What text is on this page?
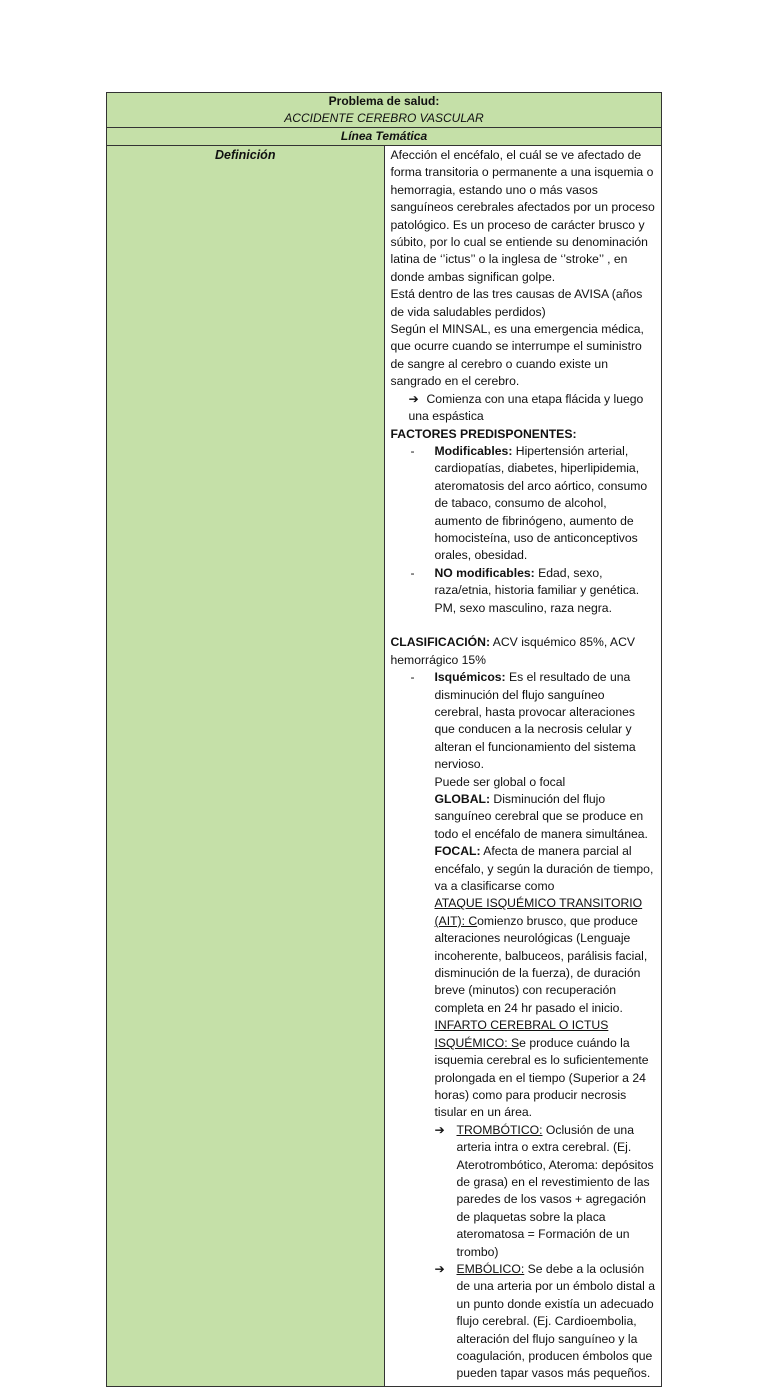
Problema de salud:
ACCIDENTE CEREBRO VASCULAR
Línea Temática
Definición	Afección el encéfalo, el cuál se ve afectado de forma transitoria o permanente a una isquemia o hemorragia, estando uno o más vasos sanguíneos cerebrales afectados por un proceso patológico. Es un proceso de carácter brusco y súbito, por lo cual se entiende su denominación latina de ‘’ictus’’ o la inglesa de ‘’stroke’’ , en donde ambas significan golpe.

Está dentro de las tres causas de AVISA (años de vida saludables perdidos)

Según el MINSAL, es una emergencia médica, que ocurre cuando se interrumpe el suministro de sangre al cerebro o cuando existe un sangrado en el cerebro.

➔ Comienza con una etapa flácida y luego una espástica

FACTORES PREDISPONENTES:

-	Modificables: Hipertensión arterial, cardiopatías, diabetes, hiperlipidemia, ateromatosis del arco aórtico, consumo de tabaco, consumo de alcohol, aumento de fibrinógeno, aumento de homocisteína, uso de anticonceptivos orales, obesidad.
-	NO modificables: Edad, sexo, raza/etnia, historia familiar y genética. PM, sexo masculino, raza negra.

CLASIFICACIÓN: ACV isquémico 85%, ACV hemorrágico 15%

-	Isquémicos: Es el resultado de una disminución del flujo sanguíneo cerebral, hasta provocar alteraciones que conducen a la necrosis celular y alteran el funcionamiento del sistema nervioso.

Puede ser global o focal

GLOBAL: Disminución del flujo sanguíneo cerebral que se produce en todo el encéfalo de manera simultánea.

FOCAL: Afecta de manera parcial al encéfalo, y según la duración de tiempo, va a clasificarse como

ATAQUE ISQUÉMICO TRANSITORIO (AIT): Comienzo brusco, que produce alteraciones neurológicas (Lenguaje incoherente, balbuceos, parálisis facial, disminución de la fuerza), de duración breve (minutos) con recuperación completa en 24 hr pasado el inicio.

INFARTO CEREBRAL O ICTUS ISQUÉMICO: Se produce cuándo la isquemia cerebral es lo suficientemente prolongada en el tiempo (Superior a 24 horas) como para producir necrosis tisular en un área.

➔ TROMBÓTICO: Oclusión de una arteria intra o extra cerebral. (Ej. Aterotrombótico, Ateroma: depósitos de grasa) en el revestimiento de las paredes de los vasos + agregación de plaquetas sobre la placa ateromatosa = Formación de un trombo)
➔ EMBÓLICO: Se debe a la oclusión de una arteria por un émbolo distal a un punto donde existía un adecuado flujo cerebral. (Ej. Cardioembolia, alteración del flujo sanguíneo y la coagulación, producen émbolos que pueden tapar vasos más pequeños.
